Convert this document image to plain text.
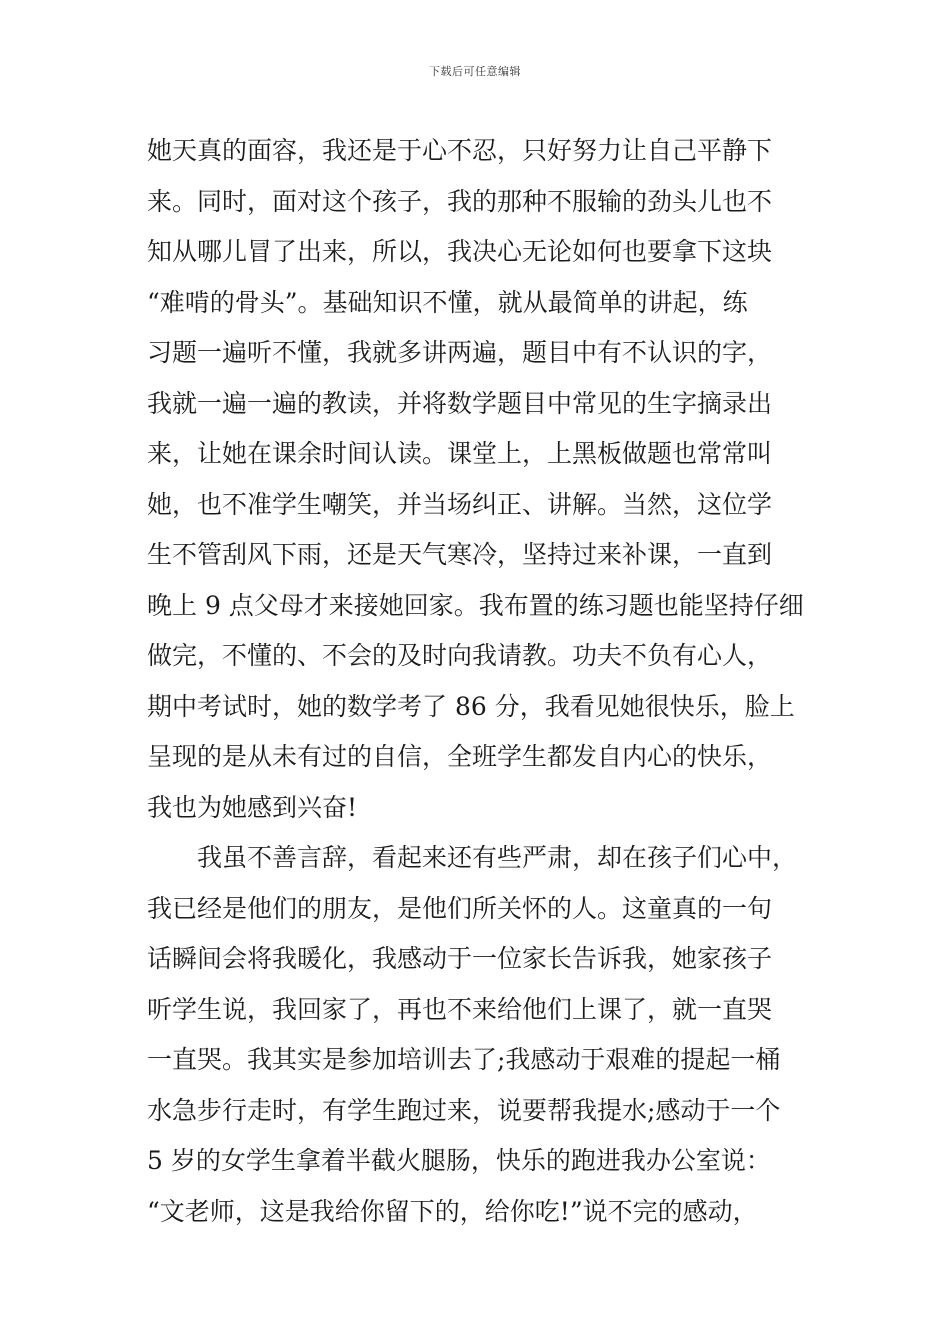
下载后可任意编辑
她天真的面容，我还是于心不忍，只好努力让自己平静下
来。同时，面对这个孩子，我的那种不服输的劲头儿也不
知从哪儿冒了出来，所以，我决心无论如何也要拿下这块
“难啃的骨头”。基础知识不懂，就从最简单的讲起，练
习题一遍听不懂，我就多讲两遍，题目中有不认识的字，
我就一遍一遍的教读，并将数学题目中常见的生字摘录出
来，让她在课余时间认读。课堂上，上黑板做题也常常叫
她，也不准学生嘲笑，并当场纠正、讲解。当然，这位学
生不管刮风下雨，还是天气寒冷，坚持过来补课，一直到
晚上 9 点父母才来接她回家。我布置的练习题也能坚持仔细
做完，不懂的、不会的及时向我请教。功夫不负有心人，
期中考试时，她的数学考了 86 分，我看见她很快乐，脸上
呈现的是从未有过的自信，全班学生都发自内心的快乐，
我也为她感到兴奋!
我虽不善言辞，看起来还有些严肃，却在孩子们心中，
我已经是他们的朋友，是他们所关怀的人。这童真的一句
话瞬间会将我暖化，我感动于一位家长告诉我，她家孩子
听学生说，我回家了，再也不来给他们上课了，就一直哭
一直哭。我其实是参加培训去了;我感动于艰难的提起一桶
水急步行走时，有学生跑过来，说要帮我提水;感动于一个
5 岁的女学生拿着半截火腿肠，快乐的跑进我办公室说：
“文老师，这是我给你留下的，给你吃!”说不完的感动，
